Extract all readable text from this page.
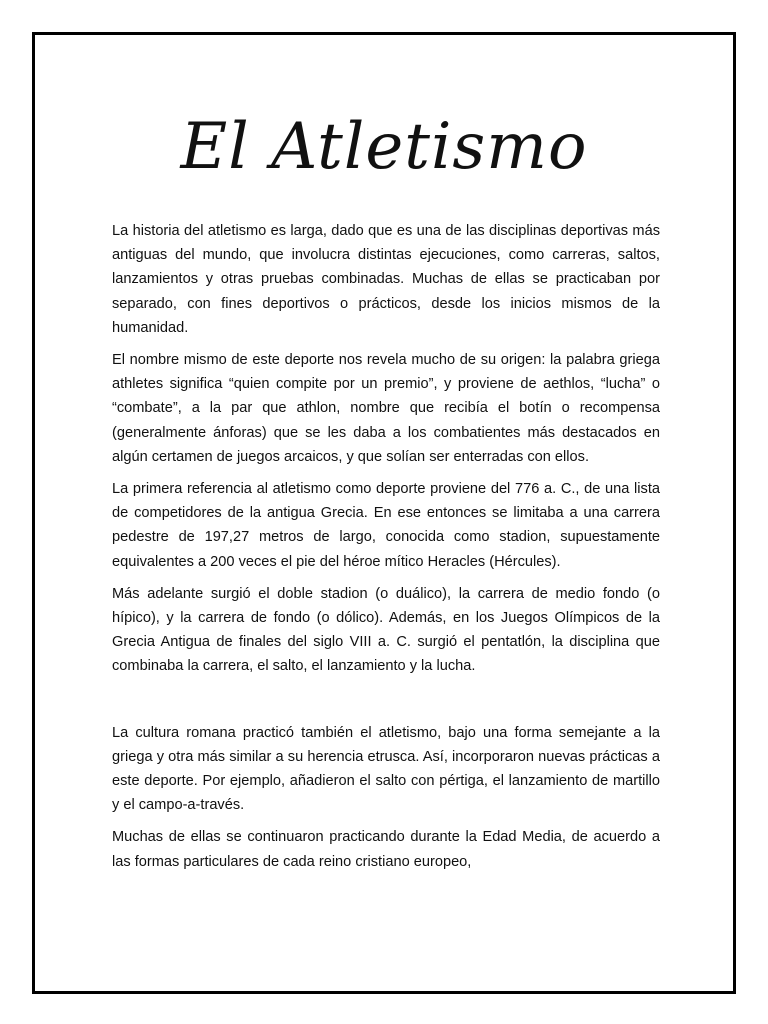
El Atletismo

La historia del atletismo es larga, dado que es una de las disciplinas deportivas más antiguas del mundo, que involucra distintas ejecuciones, como carreras, saltos, lanzamientos y otras pruebas combinadas. Muchas de ellas se practicaban por separado, con fines deportivos o prácticos, desde los inicios mismos de la humanidad.

El nombre mismo de este deporte nos revela mucho de su origen: la palabra griega athletes significa “quien compite por un premio”, y proviene de aethlos, “lucha” o “combate”, a la par que athlon, nombre que recibía el botín o recompensa (generalmente ánforas) que se les daba a los combatientes más destacados en algún certamen de juegos arcaicos, y que solían ser enterradas con ellos.

La primera referencia al atletismo como deporte proviene del 776 a. C., de una lista de competidores de la antigua Grecia. En ese entonces se limitaba a una carrera pedestre de 197,27 metros de largo, conocida como stadion, supuestamente equivalentes a 200 veces el pie del héroe mítico Heracles (Hércules).

Más adelante surgió el doble stadion (o duálico), la carrera de medio fondo (o hípico), y la carrera de fondo (o dólico). Además, en los Juegos Olímpicos de la Grecia Antigua de finales del siglo VIII a. C. surgió el pentatlón, la disciplina que combinaba la carrera, el salto, el lanzamiento y la lucha.

La cultura romana practicó también el atletismo, bajo una forma semejante a la griega y otra más similar a su herencia etrusca. Así, incorporaron nuevas prácticas a este deporte. Por ejemplo, añadieron el salto con pértiga, el lanzamiento de martillo y el campo-a-través.

Muchas de ellas se continuaron practicando durante la Edad Media, de acuerdo a las formas particulares de cada reino cristiano europeo,
